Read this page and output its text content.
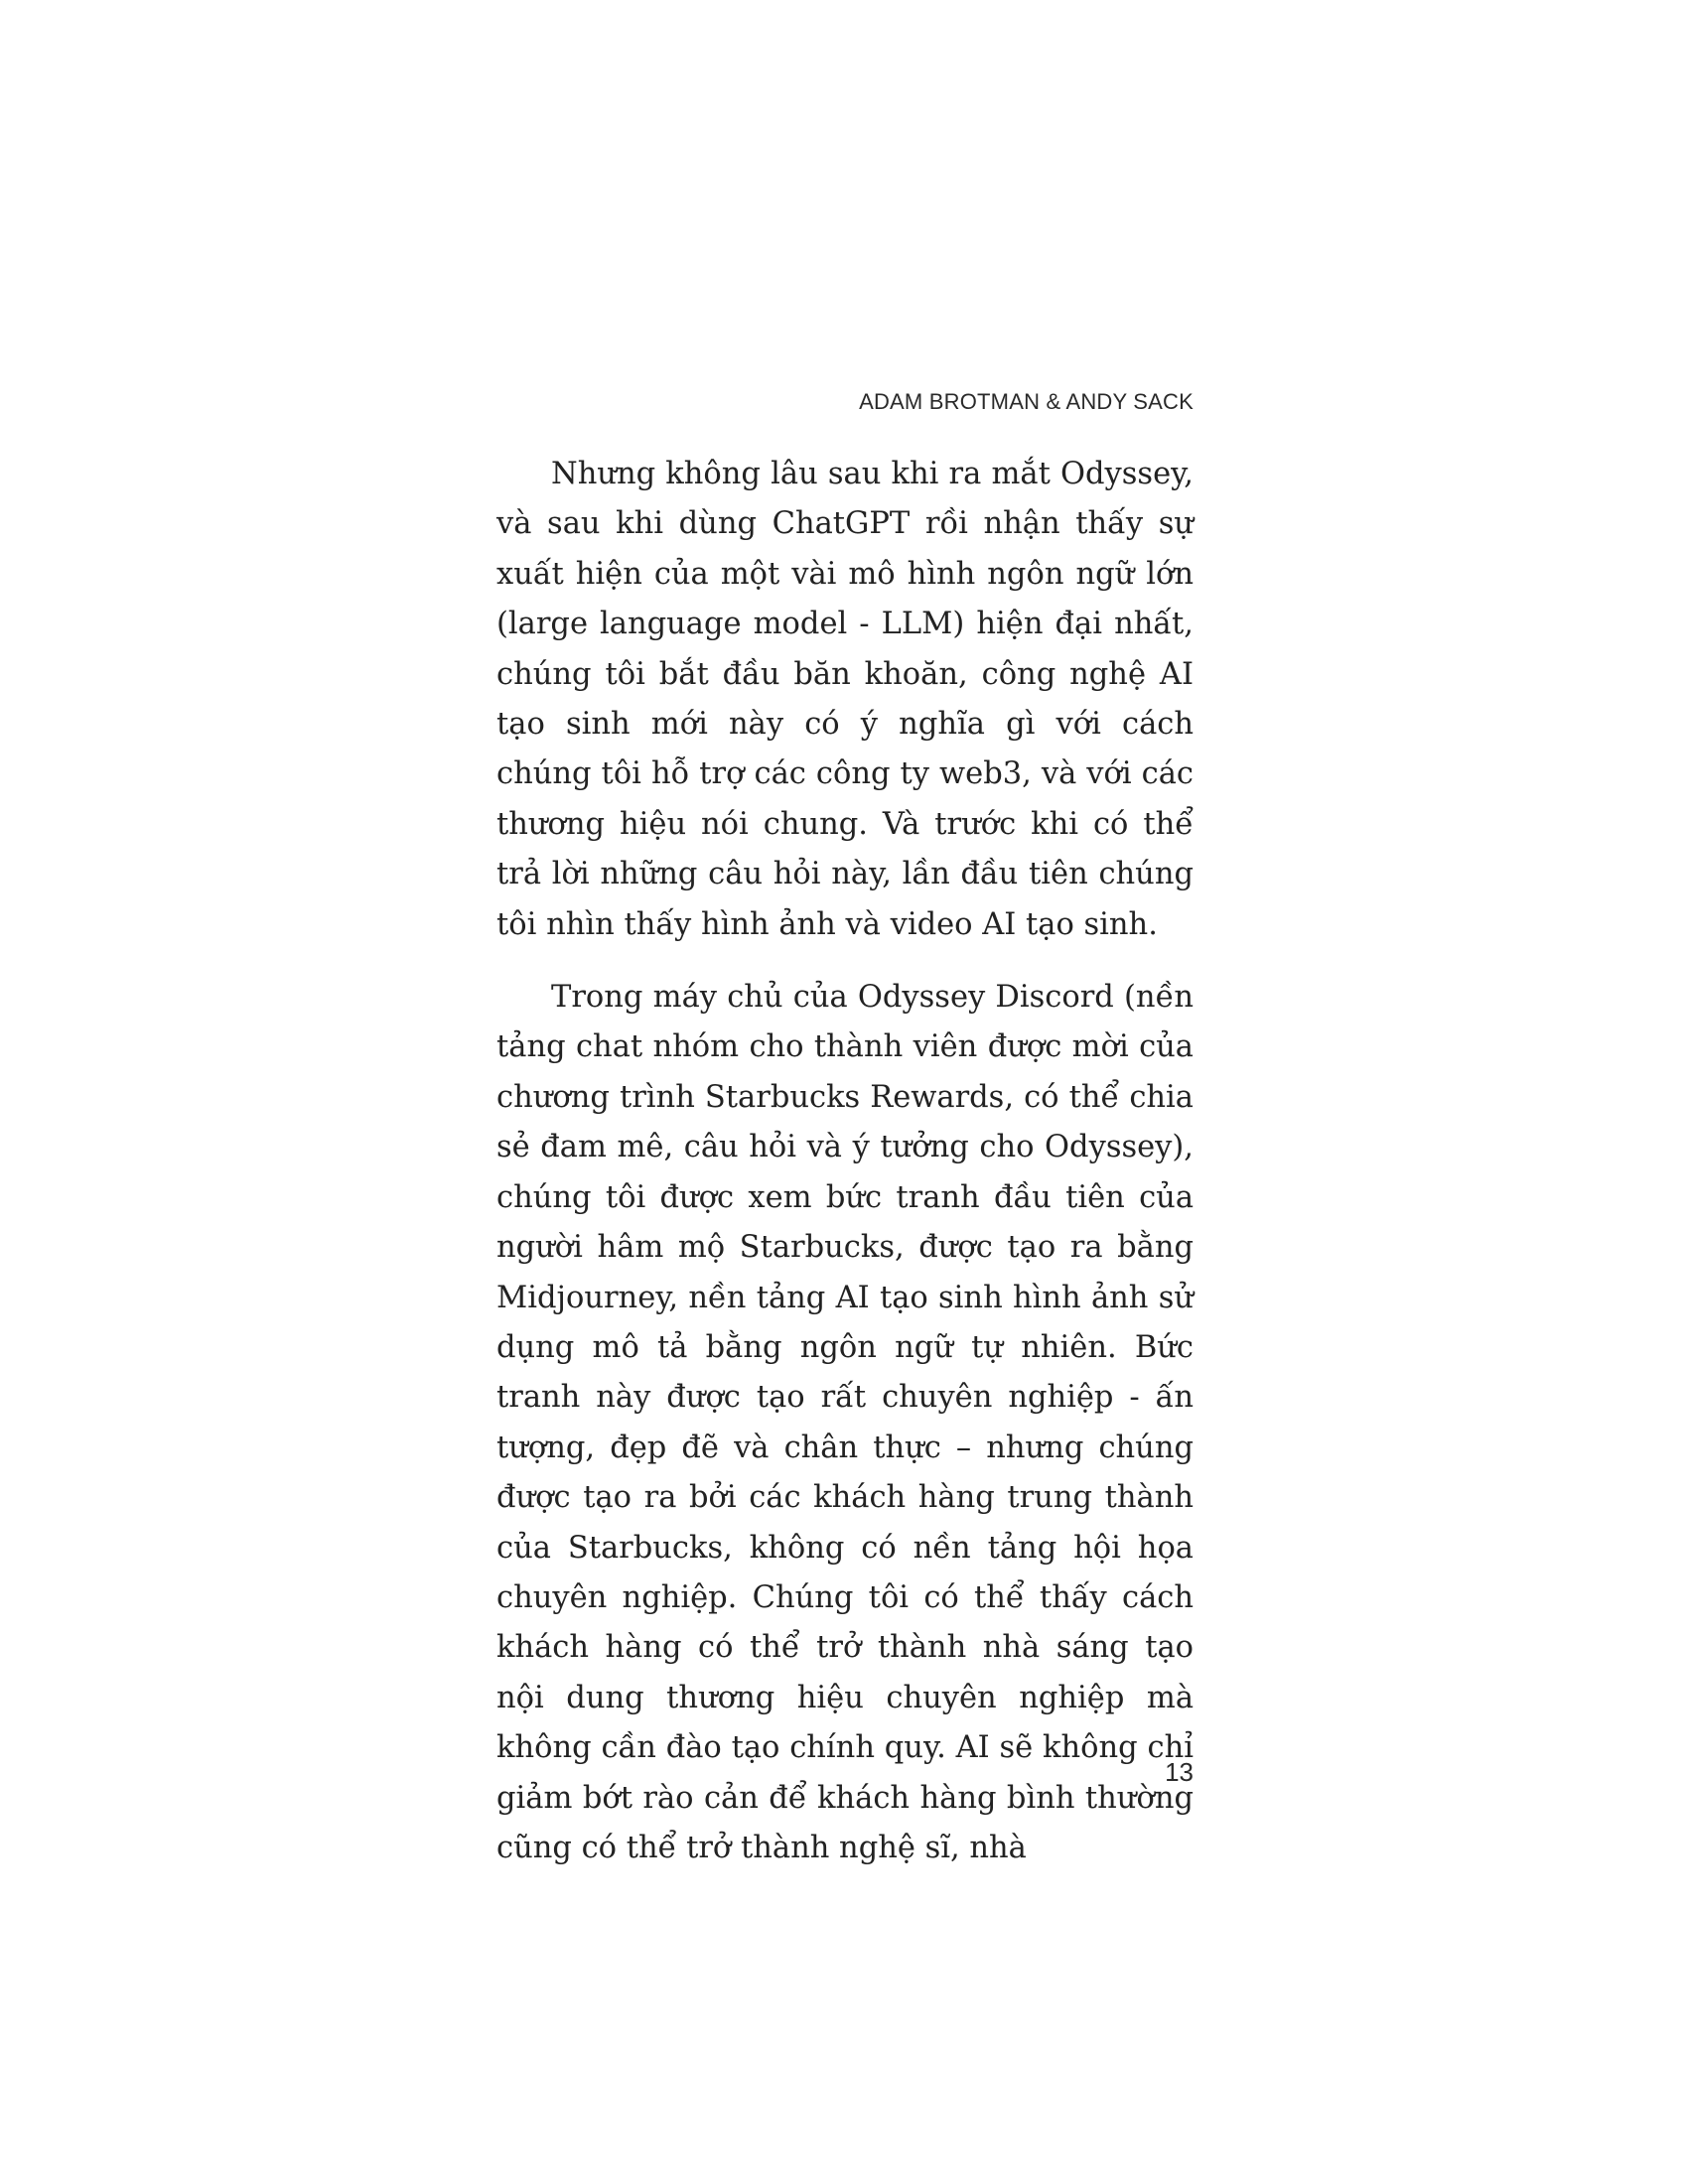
ADAM BROTMAN & ANDY SACK

Nhưng không lâu sau khi ra mắt Odyssey, và sau khi dùng ChatGPT rồi nhận thấy sự xuất hiện của một vài mô hình ngôn ngữ lớn (large language model - LLM) hiện đại nhất, chúng tôi bắt đầu băn khoăn, công nghệ AI tạo sinh mới này có ý nghĩa gì với cách chúng tôi hỗ trợ các công ty web3, và với các thương hiệu nói chung. Và trước khi có thể trả lời những câu hỏi này, lần đầu tiên chúng tôi nhìn thấy hình ảnh và video AI tạo sinh.

Trong máy chủ của Odyssey Discord (nền tảng chat nhóm cho thành viên được mời của chương trình Starbucks Rewards, có thể chia sẻ đam mê, câu hỏi và ý tưởng cho Odyssey), chúng tôi được xem bức tranh đầu tiên của người hâm mộ Starbucks, được tạo ra bằng Midjourney, nền tảng AI tạo sinh hình ảnh sử dụng mô tả bằng ngôn ngữ tự nhiên. Bức tranh này được tạo rất chuyên nghiệp - ấn tượng, đẹp đẽ và chân thực – nhưng chúng được tạo ra bởi các khách hàng trung thành của Starbucks, không có nền tảng hội họa chuyên nghiệp. Chúng tôi có thể thấy cách khách hàng có thể trở thành nhà sáng tạo nội dung thương hiệu chuyên nghiệp mà không cần đào tạo chính quy. AI sẽ không chỉ giảm bớt rào cản để khách hàng bình thường cũng có thể trở thành nghệ sĩ, nhà

13
